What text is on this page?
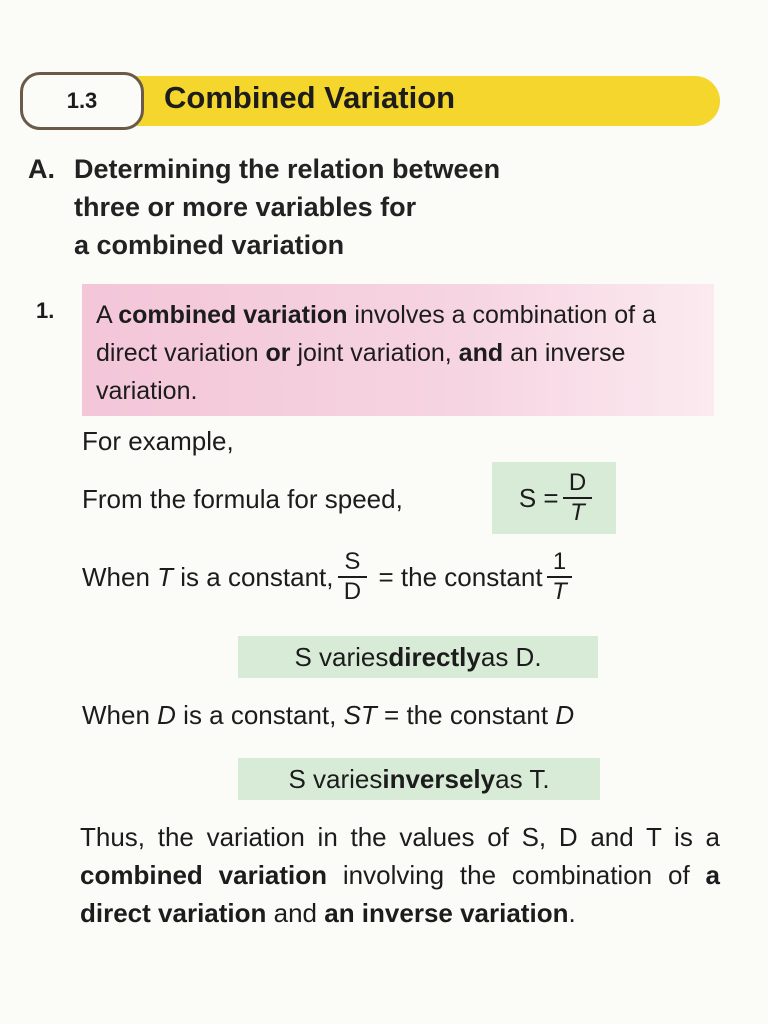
1.3	Combined Variation
A. Determining the relation between
three or more variables for
a combined variation
1. A combined variation involves a combination of a direct variation or joint variation, and an inverse variation.
For example,
From the formula for speed,	S =
$\frac{D}{T}$
When
T
is a constant,
$\frac{S}{D}$
= the constant
$\frac{1}{T}$
S varies directly as D.
When D is a constant, ST = the constant D
S varies inversely as T.
Thus, the variation in the values of S, D and T is a combined variation involving the combination of a direct variation and an inverse variation.
